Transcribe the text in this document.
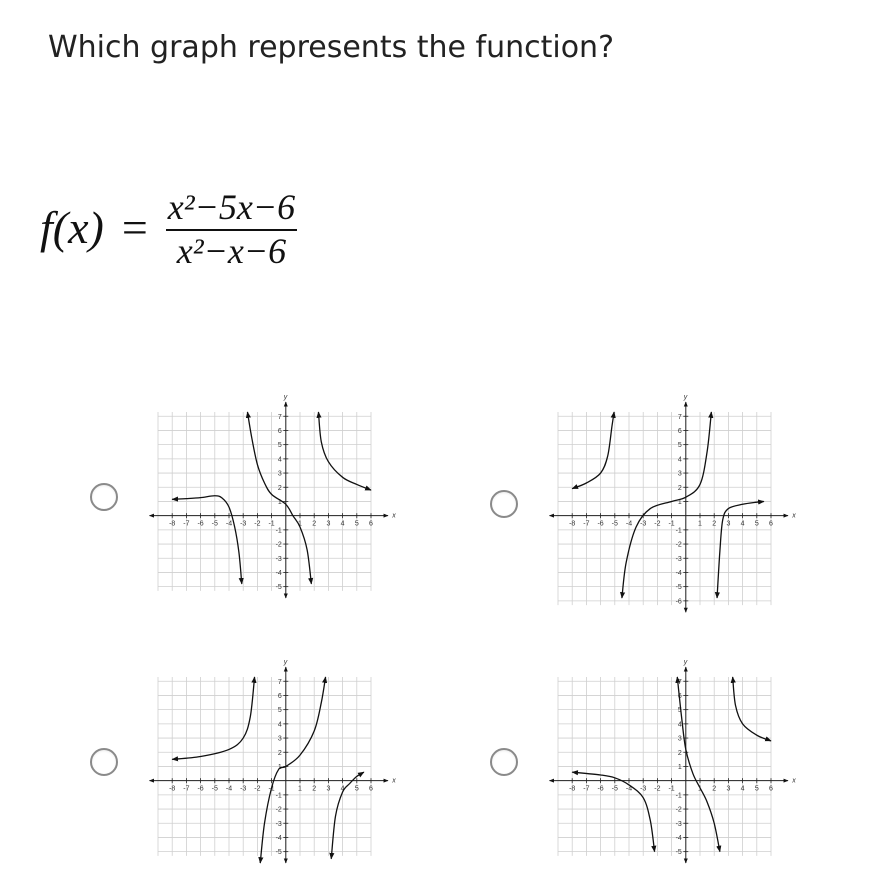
Which graph represents the function?
$f(x) = \frac{\text{x²−5x−6}}{\text{x²−x−6}}$
x
y
-8 -7 -6 -5 -4 -3 -2 -1	1 2 3 4 5 6
7
6
5
4
3
2
1
-1
-2
-3
-4
-5
x
y
-8 -7 -6 -5 -4 -3 -2 -1	1 2 3 4 5 6
7
6
5
4
3
2
1
-1
-2
-3
-4
-5
-6
x
y
-8 -7 -6 -5 -4 -3 -2 -1	1 2 3 4 5 6
7
6
5
4
3
2
1
-1
-2
-3
-4
-5
x
y
-8 -7 -6 -5 -4 -3 -2 -1	1 2 3 4 5 6
7
6
5
4
3
2
1
-1
-2
-3
-4
-5
